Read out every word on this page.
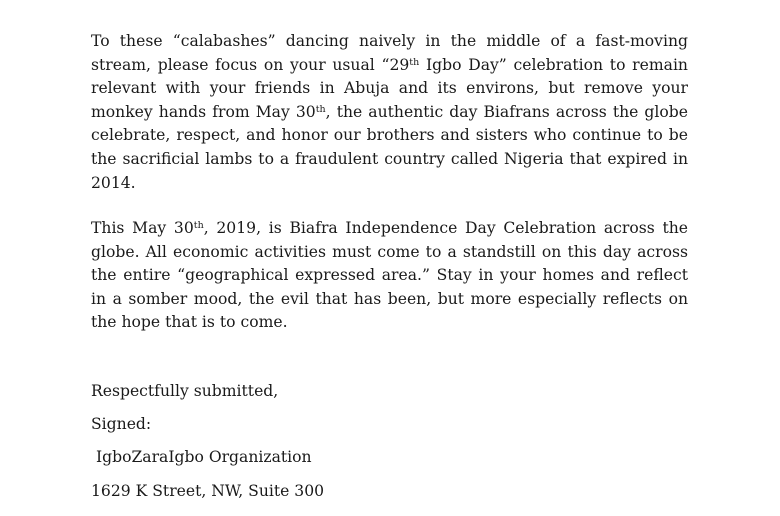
To these “calabashes” dancing naively in the middle of a fast-moving stream, please focus on your usual “29th Igbo Day” celebration to remain relevant with your friends in Abuja and its environs, but remove your monkey hands from May 30th, the authentic day Biafrans across the globe celebrate, respect, and honor our brothers and sisters who continue to be the sacrificial lambs to a fraudulent country called Nigeria that expired in 2014.

This May 30th, 2019, is Biafra Independence Day Celebration across the globe. All economic activities must come to a standstill on this day across the entire “geographical expressed area.” Stay in your homes and reflect in a somber mood, the evil that has been, but more especially reflects on the hope that is to come.

Respectfully submitted,
Signed:
IgboZaraIgbo Organization
1629 K Street, NW, Suite 300
